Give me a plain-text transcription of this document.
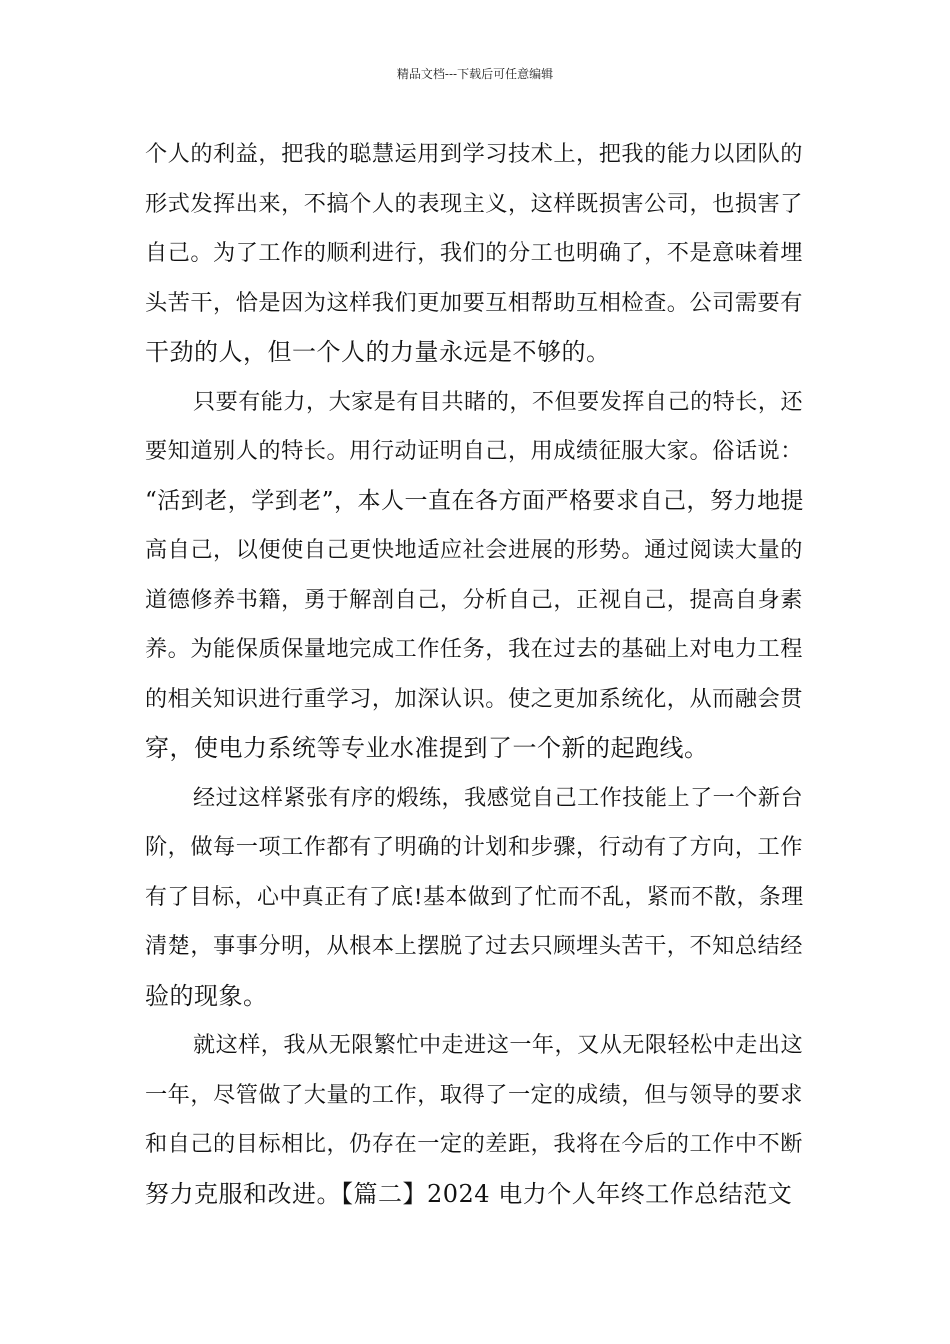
精品文档---下载后可任意编辑
个人的利益，把我的聪慧运用到学习技术上，把我的能力以团队的
形式发挥出来，不搞个人的表现主义，这样既损害公司，也损害了
自己。为了工作的顺利进行，我们的分工也明确了，不是意味着埋
头苦干，恰是因为这样我们更加要互相帮助互相检查。公司需要有
干劲的人，但一个人的力量永远是不够的。
只要有能力，大家是有目共睹的，不但要发挥自己的特长，还
要知道别人的特长。用行动证明自己，用成绩征服大家。俗话说：
“活到老，学到老”，本人一直在各方面严格要求自己，努力地提
高自己，以便使自己更快地适应社会进展的形势。通过阅读大量的
道德修养书籍，勇于解剖自己，分析自己，正视自己，提高自身素
养。为能保质保量地完成工作任务，我在过去的基础上对电力工程
的相关知识进行重学习，加深认识。使之更加系统化，从而融会贯
穿，使电力系统等专业水准提到了一个新的起跑线。
经过这样紧张有序的煅练，我感觉自己工作技能上了一个新台
阶，做每一项工作都有了明确的计划和步骤，行动有了方向，工作
有了目标，心中真正有了底!基本做到了忙而不乱，紧而不散，条理
清楚，事事分明，从根本上摆脱了过去只顾埋头苦干，不知总结经
验的现象。
就这样，我从无限繁忙中走进这一年，又从无限轻松中走出这
一年，尽管做了大量的工作，取得了一定的成绩，但与领导的要求
和自己的目标相比，仍存在一定的差距，我将在今后的工作中不断
努力克服和改进。【篇二】2024 电力个人年终工作总结范文
